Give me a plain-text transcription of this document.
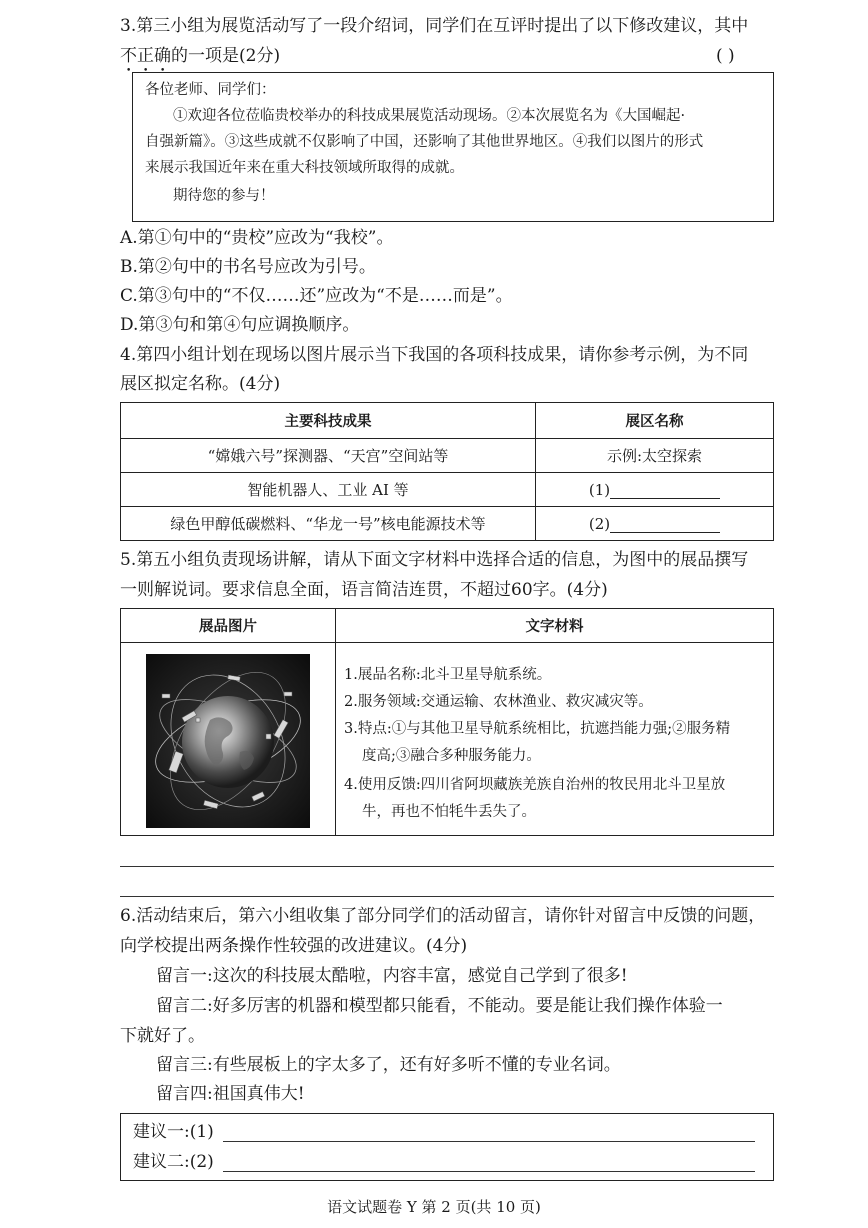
3.第三小组为展览活动写了一段介绍词，同学们在互评时提出了以下修改建议，其中
不正确的一项是(2分)	( )
各位老师、同学们：
①欢迎各位莅临贵校举办的科技成果展览活动现场。②本次展览名为《大国崛起·
自强新篇》。③这些成就不仅影响了中国，还影响了其他世界地区。④我们以图片的形式
来展示我国近年来在重大科技领域所取得的成就。
期待您的参与！
A.第①句中的“贵校”应改为“我校”。
B.第②句中的书名号应改为引号。
C.第③句中的“不仅……还”应改为“不是……而是”。
D.第③句和第④句应调换顺序。
4.第四小组计划在现场以图片展示当下我国的各项科技成果，请你参考示例，为不同
展区拟定名称。(4分)
主要科技成果	展区名称
“嫦娥六号”探测器、“天宫”空间站等	示例:太空探索
智能机器人、工业 AI 等	(1)
绿色甲醇低碳燃料、“华龙一号”核电能源技术等	(2)
5.第五小组负责现场讲解，请从下面文字材料中选择合适的信息，为图中的展品撰写
一则解说词。要求信息全面，语言简洁连贯，不超过60字。(4分)
展品图片	文字材料

1.展品名称:北斗卫星导航系统。
2.服务领域:交通运输、农林渔业、救灾减灾等。
3.特点:①与其他卫星导航系统相比，抗遮挡能力强;②服务精
度高;③融合多种服务能力。
4.使用反馈:四川省阿坝藏族羌族自治州的牧民用北斗卫星放
牛，再也不怕牦牛丢失了。
6.活动结束后，第六小组收集了部分同学们的活动留言，请你针对留言中反馈的问题，
向学校提出两条操作性较强的改进建议。(4分)
留言一:这次的科技展太酷啦，内容丰富，感觉自己学到了很多!
留言二:好多厉害的机器和模型都只能看，不能动。要是能让我们操作体验一
下就好了。
留言三:有些展板上的字太多了，还有好多听不懂的专业名词。
留言四:祖国真伟大!
建议一:(1)
建议二:(2)
语文试题卷 Y 第 2 页(共 10 页)
